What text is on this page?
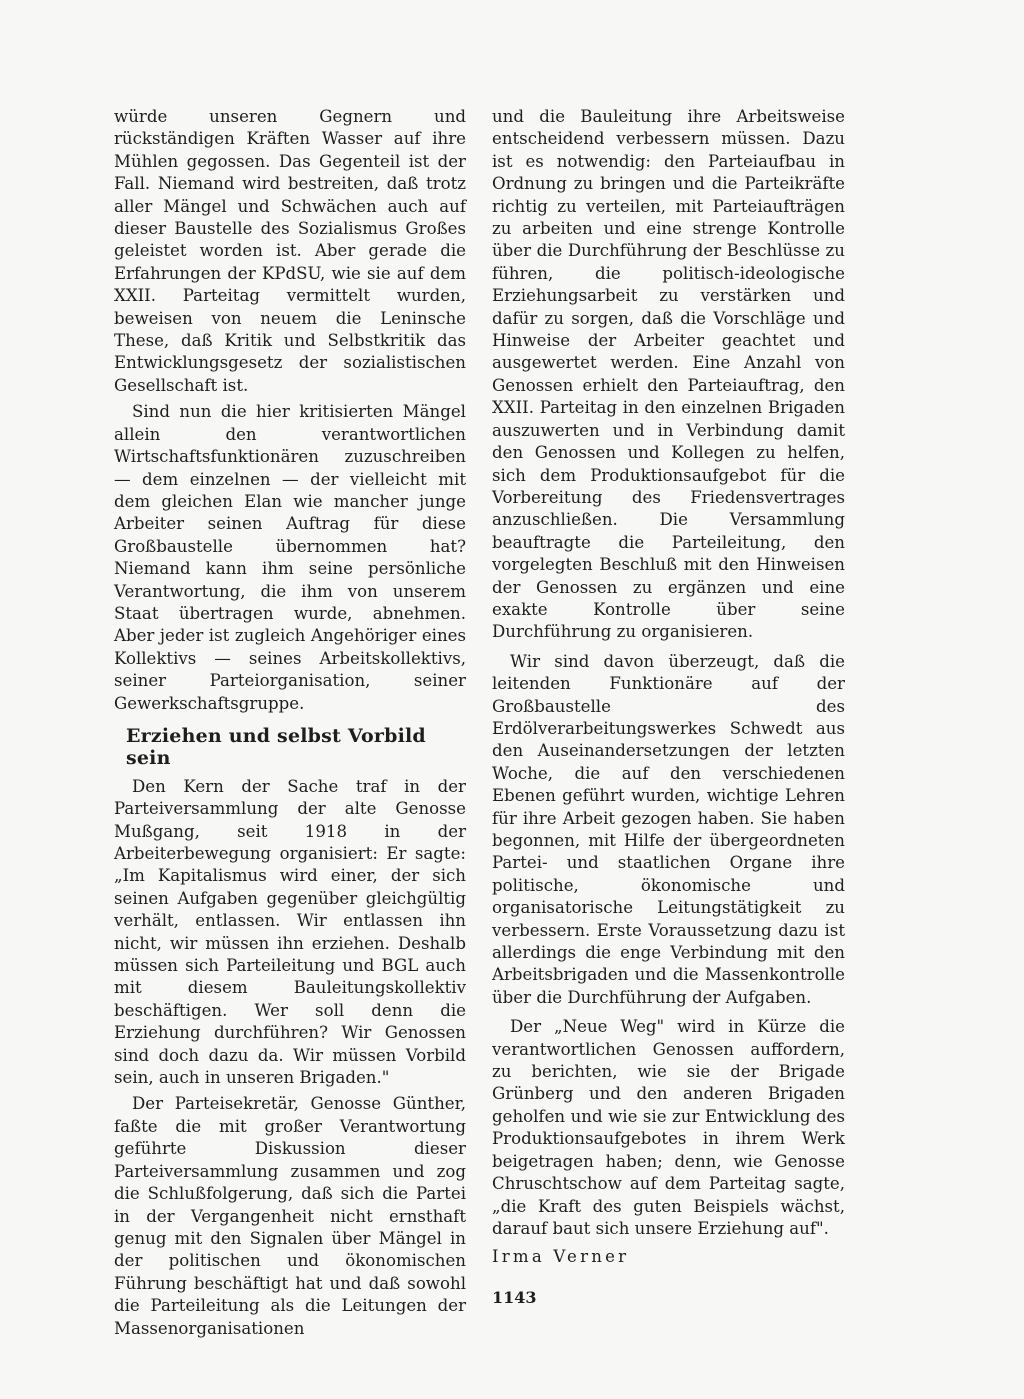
würde unseren Gegnern und rückständigen Kräften Wasser auf ihre Mühlen gegossen. Das Gegenteil ist der Fall. Niemand wird bestreiten, daß trotz aller Mängel und Schwächen auch auf dieser Baustelle des Sozialismus Großes geleistet worden ist. Aber gerade die Erfahrungen der KPdSU, wie sie auf dem XXII. Parteitag vermittelt wurden, beweisen von neuem die Leninsche These, daß Kritik und Selbstkritik das Entwicklungsgesetz der sozialistischen Gesellschaft ist.

Sind nun die hier kritisierten Mängel allein den verantwortlichen Wirtschaftsfunktionären zuzuschreiben — dem einzelnen — der vielleicht mit dem gleichen Elan wie mancher junge Arbeiter seinen Auftrag für diese Großbaustelle übernommen hat? Niemand kann ihm seine persönliche Verantwortung, die ihm von unserem Staat übertragen wurde, abnehmen. Aber jeder ist zugleich Angehöriger eines Kollektivs — seines Arbeitskollektivs, seiner Parteiorganisation, seiner Gewerkschaftsgruppe.

Erziehen und selbst Vorbild sein

Den Kern der Sache traf in der Parteiversammlung der alte Genosse Mußgang, seit 1918 in der Arbeiterbewegung organisiert: Er sagte: „Im Kapitalismus wird einer, der sich seinen Aufgaben gegenüber gleichgültig verhält, entlassen. Wir entlassen ihn nicht, wir müssen ihn erziehen. Deshalb müssen sich Parteileitung und BGL auch mit diesem Bauleitungskollektiv beschäftigen. Wer soll denn die Erziehung durchführen? Wir Genossen sind doch dazu da. Wir müssen Vorbild sein, auch in unseren Brigaden."

Der Parteisekretär, Genosse Günther, faßte die mit großer Verantwortung geführte Diskussion dieser Parteiversammlung zusammen und zog die Schlußfolgerung, daß sich die Partei in der Vergangenheit nicht ernsthaft genug mit den Signalen über Mängel in der politischen und ökonomischen Führung beschäftigt hat und daß sowohl die Parteileitung als die Leitungen der Massenorganisationen

und die Bauleitung ihre Arbeitsweise entscheidend verbessern müssen. Dazu ist es notwendig: den Parteiaufbau in Ordnung zu bringen und die Parteikräfte richtig zu verteilen, mit Parteiaufträgen zu arbeiten und eine strenge Kontrolle über die Durchführung der Beschlüsse zu führen, die politisch-ideologische Erziehungsarbeit zu verstärken und dafür zu sorgen, daß die Vorschläge und Hinweise der Arbeiter geachtet und ausgewertet werden. Eine Anzahl von Genossen erhielt den Parteiauftrag, den XXII. Parteitag in den einzelnen Brigaden auszuwerten und in Verbindung damit den Genossen und Kollegen zu helfen, sich dem Produktionsaufgebot für die Vorbereitung des Friedensvertrages anzuschließen. Die Versammlung beauftragte die Parteileitung, den vorgelegten Beschluß mit den Hinweisen der Genossen zu ergänzen und eine exakte Kontrolle über seine Durchführung zu organisieren.

Wir sind davon überzeugt, daß die leitenden Funktionäre auf der Großbaustelle des Erdölverarbeitungswerkes Schwedt aus den Auseinandersetzungen der letzten Woche, die auf den verschiedenen Ebenen geführt wurden, wichtige Lehren für ihre Arbeit gezogen haben. Sie haben begonnen, mit Hilfe der übergeordneten Partei- und staatlichen Organe ihre politische, ökonomische und organisatorische Leitungstätigkeit zu verbessern. Erste Voraussetzung dazu ist allerdings die enge Verbindung mit den Arbeitsbrigaden und die Massenkontrolle über die Durchführung der Aufgaben.

Der „Neue Weg" wird in Kürze die verantwortlichen Genossen auffordern, zu berichten, wie sie der Brigade Grünberg und den anderen Brigaden geholfen und wie sie zur Entwicklung des Produktionsaufgebotes in ihrem Werk beigetragen haben; denn, wie Genosse Chruschtschow auf dem Parteitag sagte, „die Kraft des guten Beispiels wächst, darauf baut sich unsere Erziehung auf".

Irma Verner

1143
